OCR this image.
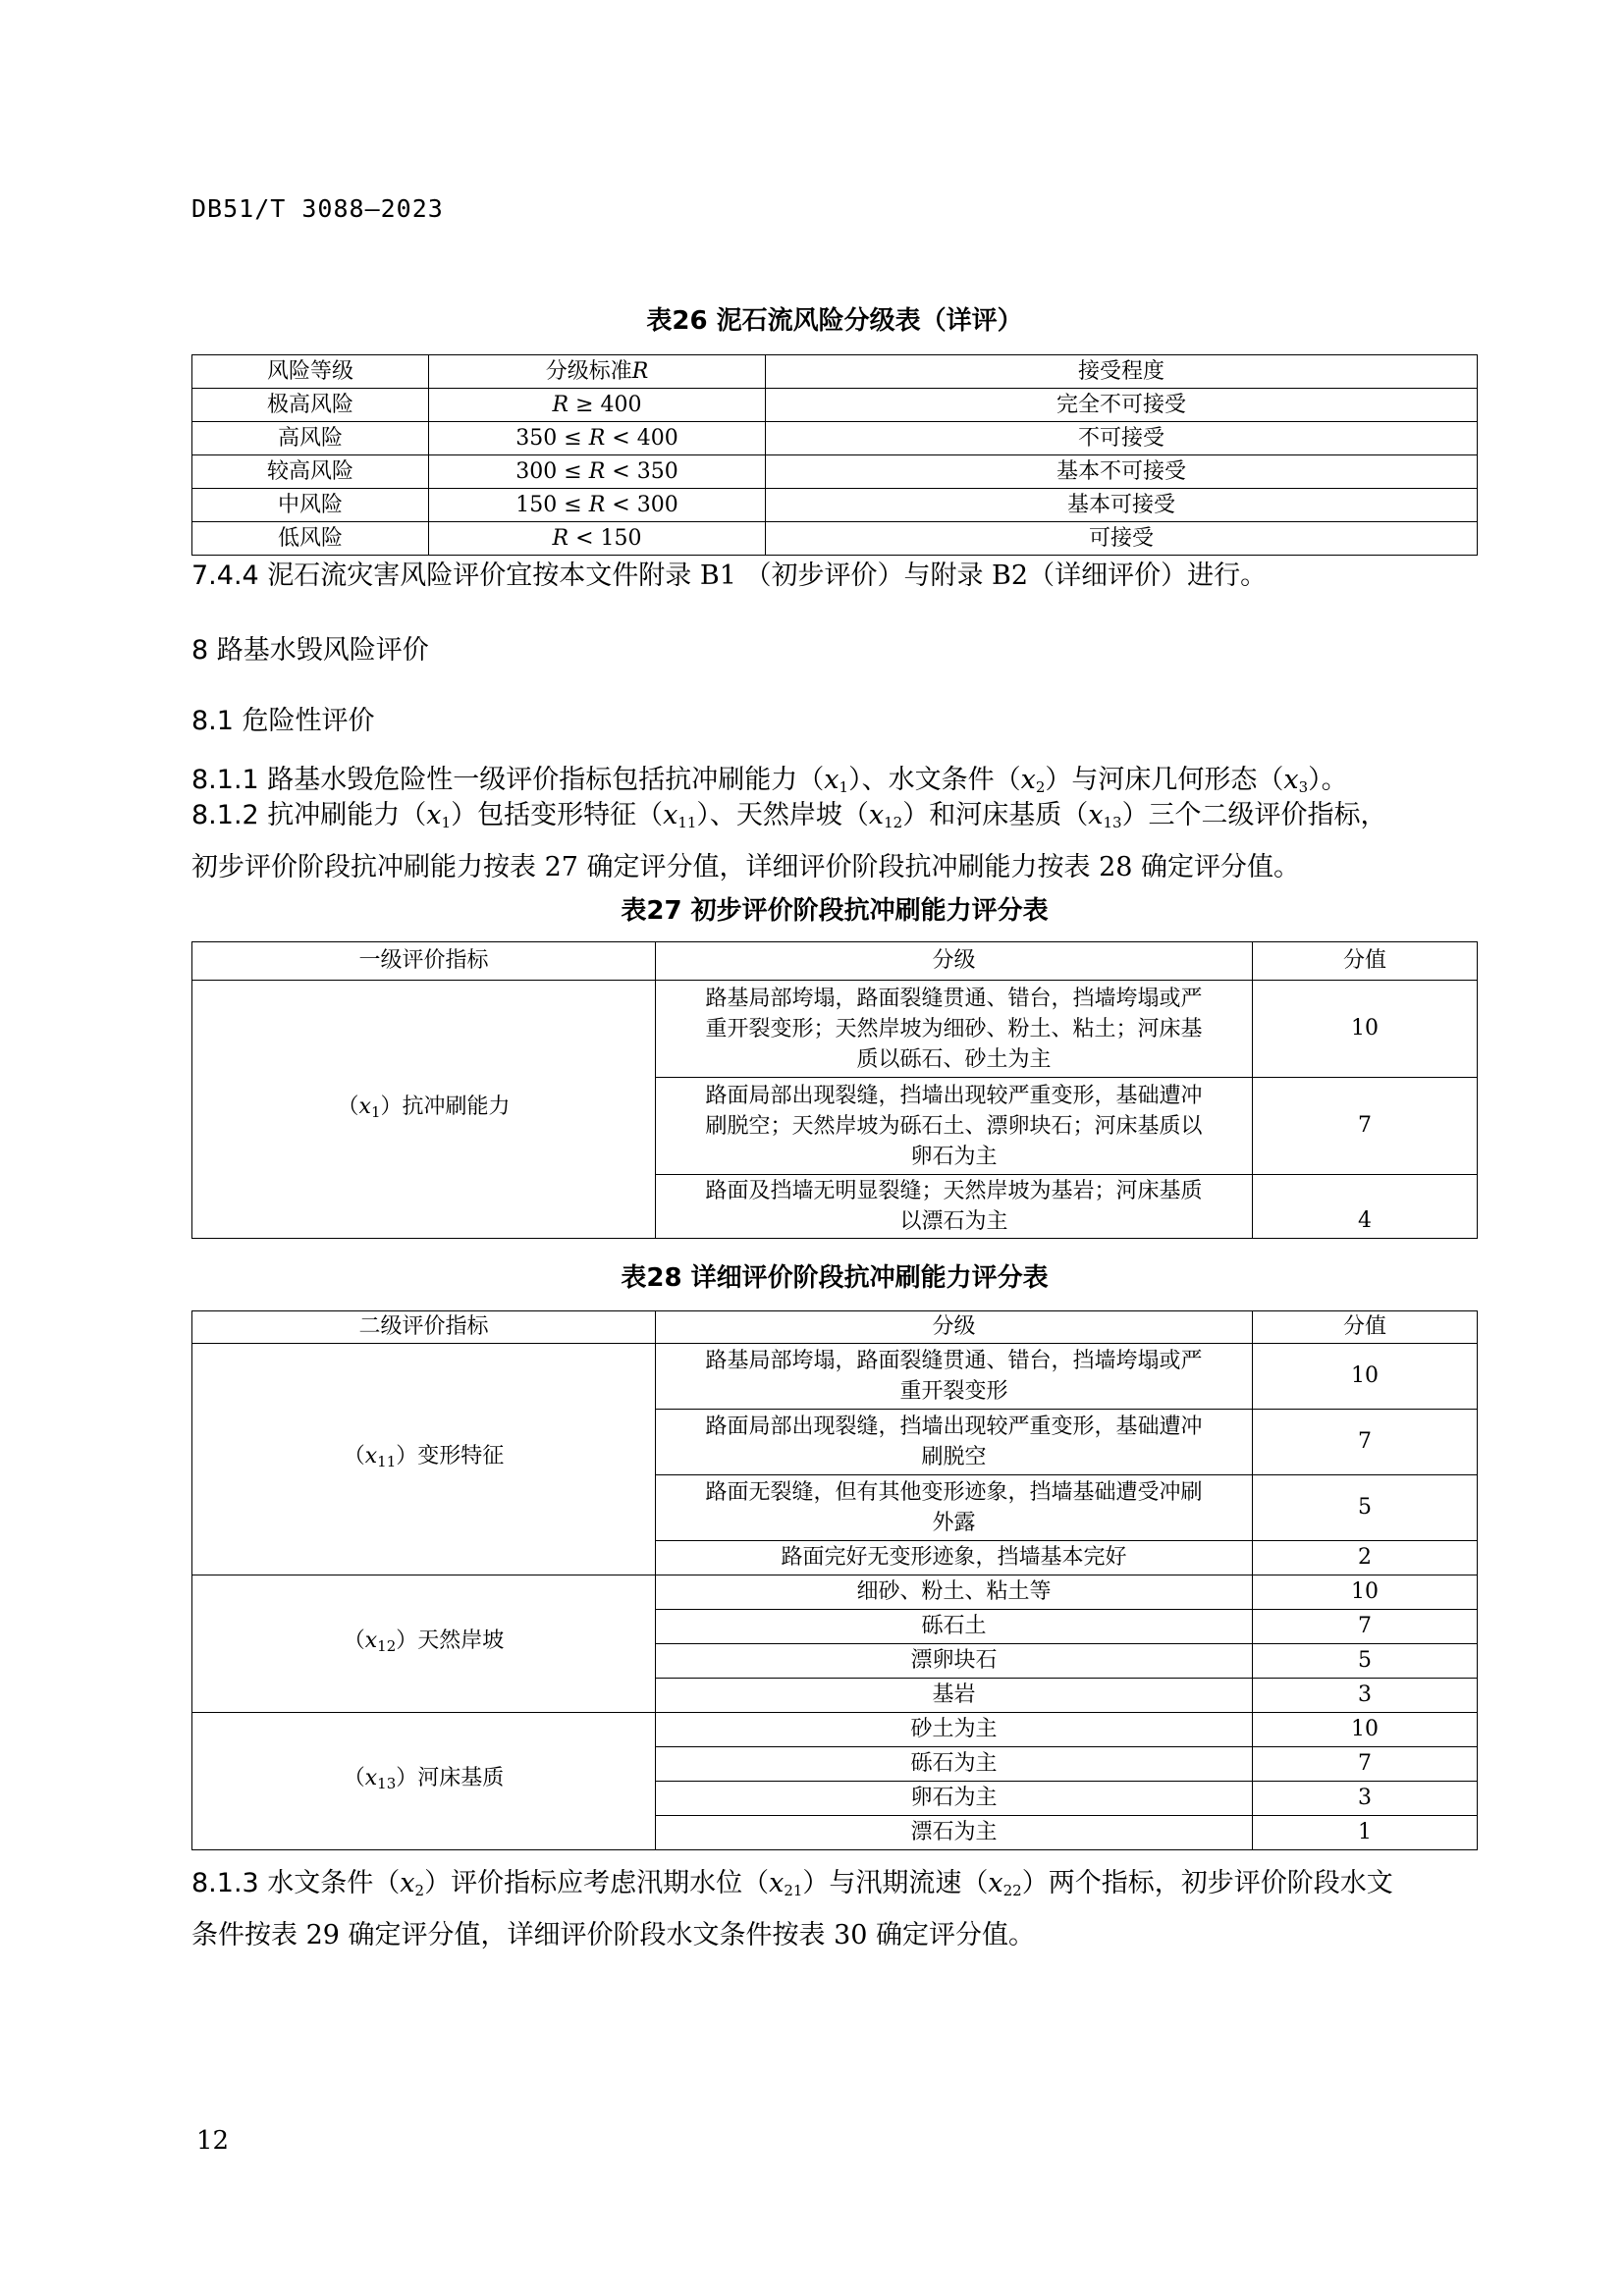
DB51/T 3088—2023
表26 泥石流风险分级表（详评）
风险等级	分级标准R	接受程度
极高风险	R ≥ 400	完全不可接受
高风险	350 ≤ R < 400	不可接受
较高风险	300 ≤ R < 350	基本不可接受
中风险	150 ≤ R < 300	基本可接受
低风险	R < 150	可接受
7.4.4 泥石流灾害风险评价宜按本文件附录 B1 （初步评价）与附录 B2（详细评价）进行。
8 路基水毁风险评价
8.1 危险性评价
8.1.1 路基水毁危险性一级评价指标包括抗冲刷能力$(x_1)$、水文条件$(x_2)$与河床几何形态$(x_3)$。
8.1.2 抗冲刷能力$(x_1)$包括变形特征$(x_{11})$、天然岸坡$(x_{12})$和河床基质$(x_{13})$三个二级评价指标，
初步评价阶段抗冲刷能力按表 27 确定评分值，详细评价阶段抗冲刷能力按表 28 确定评分值。
表27 初步评价阶段抗冲刷能力评分表
一级评价指标	分级	分值
$(x_1)$抗冲刷能力	路基局部垮塌，路面裂缝贯通、错台，挡墙垮塌或严
重开裂变形；天然岸坡为细砂、粉土、粘土；河床基
质以砾石、砂土为主	10
	路面局部出现裂缝，挡墙出现较严重变形，基础遭冲
刷脱空；天然岸坡为砾石土、漂卵块石；河床基质以
卵石为主	7
	路面及挡墙无明显裂缝；天然岸坡为基岩；河床基质
以漂石为主	4
表28 详细评价阶段抗冲刷能力评分表
二级评价指标	分级	分值
$(x_{11})$变形特征	路基局部垮塌，路面裂缝贯通、错台，挡墙垮塌或严
重开裂变形	10
	路面局部出现裂缝，挡墙出现较严重变形，基础遭冲
刷脱空	7
	路面无裂缝，但有其他变形迹象，挡墙基础遭受冲刷
外露	5
	路面完好无变形迹象，挡墙基本完好	2
$(x_{12})$天然岸坡	细砂、粉土、粘土等	10
	砾石土	7
	漂卵块石	5
	基岩	3
$(x_{13})$河床基质	砂土为主	10
	砾石为主	7
	卵石为主	3
	漂石为主	1
8.1.3 水文条件$(x_2)$评价指标应考虑汛期水位$(x_{21})$与汛期流速$(x_{22})$两个指标，初步评价阶段水文
条件按表 29 确定评分值，详细评价阶段水文条件按表 30 确定评分值。
12
